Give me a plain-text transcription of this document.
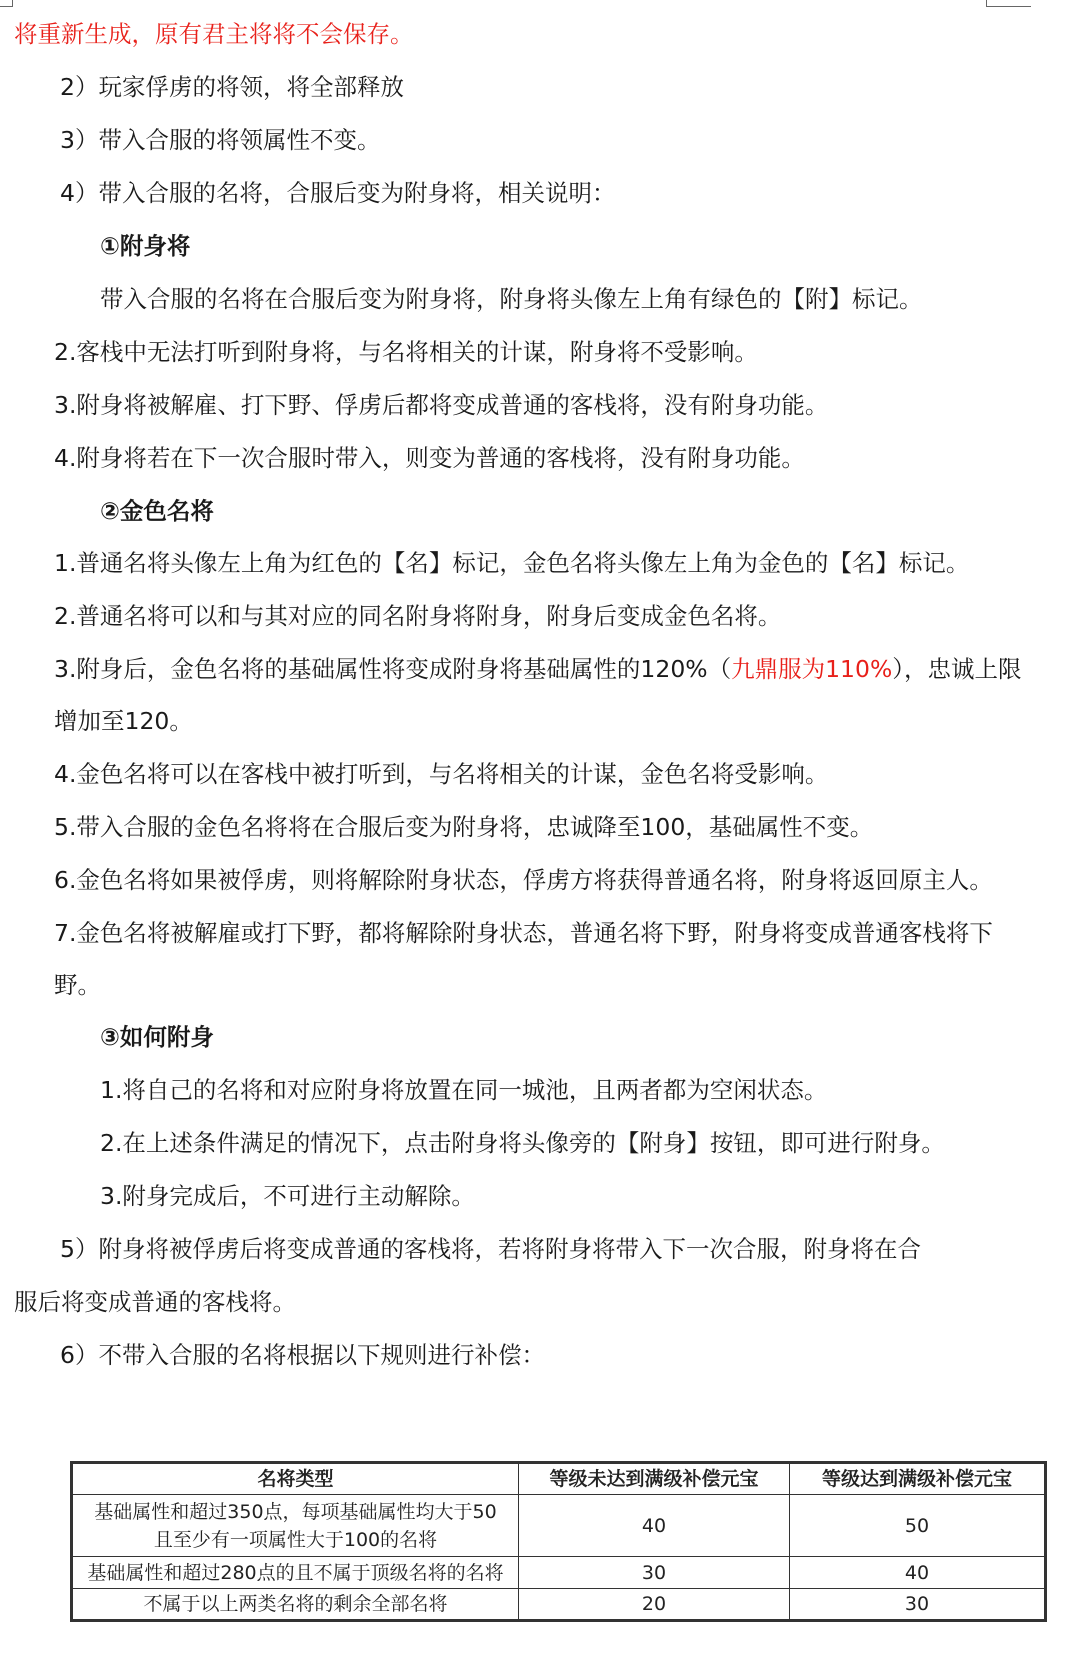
将重新生成，原有君主将将不会保存。
2）玩家俘虏的将领，将全部释放
3）带入合服的将领属性不变。
4）带入合服的名将，合服后变为附身将，相关说明：
①附身将
带入合服的名将在合服后变为附身将，附身将头像左上角有绿色的【附】标记。
2.客栈中无法打听到附身将，与名将相关的计谋，附身将不受影响。
3.附身将被解雇、打下野、俘虏后都将变成普通的客栈将，没有附身功能。
4.附身将若在下一次合服时带入，则变为普通的客栈将，没有附身功能。
②金色名将
1.普通名将头像左上角为红色的【名】标记，金色名将头像左上角为金色的【名】标记。
2.普通名将可以和与其对应的同名附身将附身，附身后变成金色名将。
3.附身后，金色名将的基础属性将变成附身将基础属性的120%（九鼎服为110%），忠诚上限
增加至120。
4.金色名将可以在客栈中被打听到，与名将相关的计谋，金色名将受影响。
5.带入合服的金色名将将在合服后变为附身将，忠诚降至100，基础属性不变。
6.金色名将如果被俘虏，则将解除附身状态，俘虏方将获得普通名将，附身将返回原主人。
7.金色名将被解雇或打下野，都将解除附身状态，普通名将下野，附身将变成普通客栈将下
野。
③如何附身
1.将自己的名将和对应附身将放置在同一城池，且两者都为空闲状态。
2.在上述条件满足的情况下，点击附身将头像旁的【附身】按钮，即可进行附身。
3.附身完成后，不可进行主动解除。
5）附身将被俘虏后将变成普通的客栈将，若将附身将带入下一次合服，附身将在合
服后将变成普通的客栈将。
6）不带入合服的名将根据以下规则进行补偿：
名将类型	等级未达到满级补偿元宝	等级达到满级补偿元宝

基础属性和超过350点，每项基础属性均大于50
且至少有一项属性大于100的名将	40	50
基础属性和超过280点的且不属于顶级名将的名将	30	40
不属于以上两类名将的剩余全部名将	20	30
